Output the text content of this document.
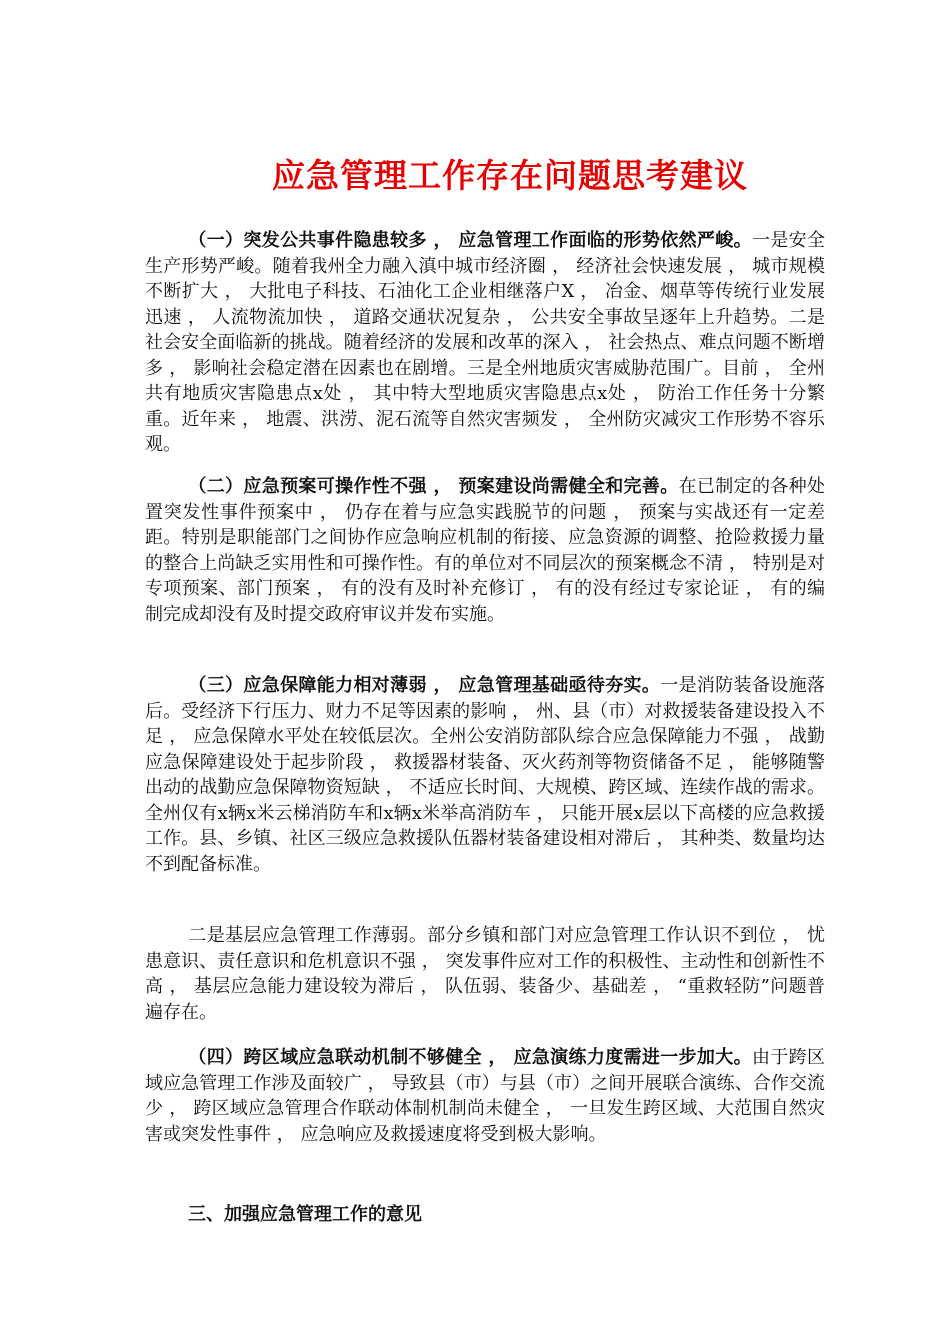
应急管理工作存在问题思考建议

（一）突发公共事件隐患较多 ， 应急管理工作面临的形势依然严峻。一是安全生产形势严峻。随着我州全力融入滇中城市经济圈 ， 经济社会快速发展 ， 城市规模不断扩大 ， 大批电子科技、石油化工企业相继落户X ， 冶金、烟草等传统行业发展迅速 ， 人流物流加快 ， 道路交通状况复杂 ， 公共安全事故呈逐年上升趋势。二是社会安全面临新的挑战。随着经济的发展和改革的深入 ， 社会热点、难点问题不断增多 ， 影响社会稳定潜在因素也在剧增。三是全州地质灾害威胁范围广。目前 ， 全州共有地质灾害隐患点x处 ， 其中特大型地质灾害隐患点x处 ， 防治工作任务十分繁重。近年来 ， 地震、洪涝、泥石流等自然灾害频发 ， 全州防灾减灾工作形势不容乐观。

（二）应急预案可操作性不强 ， 预案建设尚需健全和完善。在已制定的各种处置突发性事件预案中 ， 仍存在着与应急实践脱节的问题 ， 预案与实战还有一定差距。特别是职能部门之间协作应急响应机制的衔接、应急资源的调整、抢险救援力量的整合上尚缺乏实用性和可操作性。有的单位对不同层次的预案概念不清 ， 特别是对专项预案、部门预案 ， 有的没有及时补充修订 ， 有的没有经过专家论证 ， 有的编制完成却没有及时提交政府审议并发布实施。

（三）应急保障能力相对薄弱 ， 应急管理基础亟待夯实。一是消防装备设施落后。受经济下行压力、财力不足等因素的影响 ， 州、县（市）对救援装备建设投入不足 ， 应急保障水平处在较低层次。全州公安消防部队综合应急保障能力不强 ， 战勤应急保障建设处于起步阶段 ， 救援器材装备、灭火药剂等物资储备不足 ， 能够随警出动的战勤应急保障物资短缺 ， 不适应长时间、大规模、跨区域、连续作战的需求。全州仅有x辆x米云梯消防车和x辆x米举高消防车 ， 只能开展x层以下高楼的应急救援工作。县、乡镇、社区三级应急救援队伍器材装备建设相对滞后 ， 其种类、数量均达不到配备标准。

二是基层应急管理工作薄弱。部分乡镇和部门对应急管理工作认识不到位 ， 忧患意识、责任意识和危机意识不强 ， 突发事件应对工作的积极性、主动性和创新性不高 ， 基层应急能力建设较为滞后 ， 队伍弱、装备少、基础差 ， “重救轻防”问题普遍存在。

（四）跨区域应急联动机制不够健全 ， 应急演练力度需进一步加大。由于跨区域应急管理工作涉及面较广 ， 导致县（市）与县（市）之间开展联合演练、合作交流少 ， 跨区域应急管理合作联动体制机制尚未健全 ， 一旦发生跨区域、大范围自然灾害或突发性事件 ， 应急响应及救援速度将受到极大影响。

三、加强应急管理工作的意见
